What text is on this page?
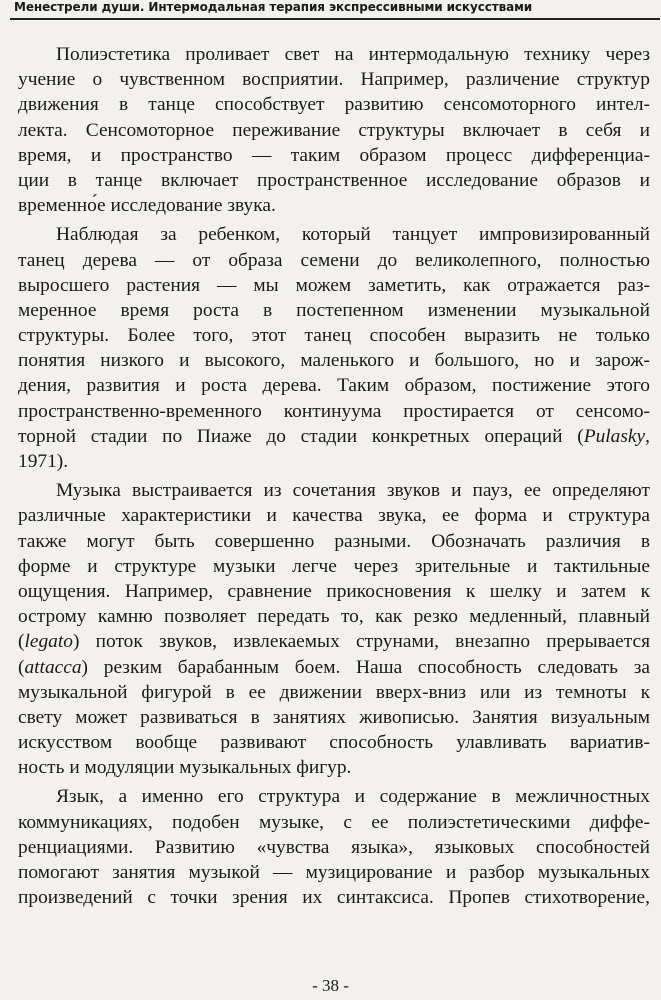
Менестрели души. Интермодальная терапия экспрессивными искусствами
Полиэстетика проливает свет на интермодальную технику через
учение о чувственном восприятии. Например, различение структур
движения в танце способствует развитию сенсомоторного интел-
лекта. Сенсомоторное переживание структуры включает в себя и
время, и пространство — таким образом процесс дифференциа-
ции в танце включает пространственное исследование образов и
временно́е исследование звука.
Наблюдая за ребенком, который танцует импровизированный
танец дерева — от образа семени до великолепного, полностью
выросшего растения — мы можем заметить, как отражается раз-
меренное время роста в постепенном изменении музыкальной
структуры. Более того, этот танец способен выразить не только
понятия низкого и высокого, маленького и большого, но и зарож-
дения, развития и роста дерева. Таким образом, постижение этого
пространственно-временного континуума простирается от сенсомо-
торной стадии по Пиаже до стадии конкретных операций (Pulasky,
1971).
Музыка выстраивается из сочетания звуков и пауз, ее определяют
различные характеристики и качества звука, ее форма и структура
также могут быть совершенно разными. Обозначать различия в
форме и структуре музыки легче через зрительные и тактильные
ощущения. Например, сравнение прикосновения к шелку и затем к
острому камню позволяет передать то, как резко медленный, плавный
(legato) поток звуков, извлекаемых струнами, внезапно прерывается
(attacca) резким барабанным боем. Наша способность следовать за
музыкальной фигурой в ее движении вверх-вниз или из темноты к
свету может развиваться в занятиях живописью. Занятия визуальным
искусством вообще развивают способность улавливать вариатив-
ность и модуляции музыкальных фигур.
Язык, а именно его структура и содержание в межличностных
коммуникациях, подобен музыке, с ее полиэстетическими диффе-
ренциациями. Развитию «чувства языка», языковых способностей
помогают занятия музыкой — музицирование и разбор музыкальных
произведений с точки зрения их синтаксиса. Пропев стихотворение,
- 38 -
